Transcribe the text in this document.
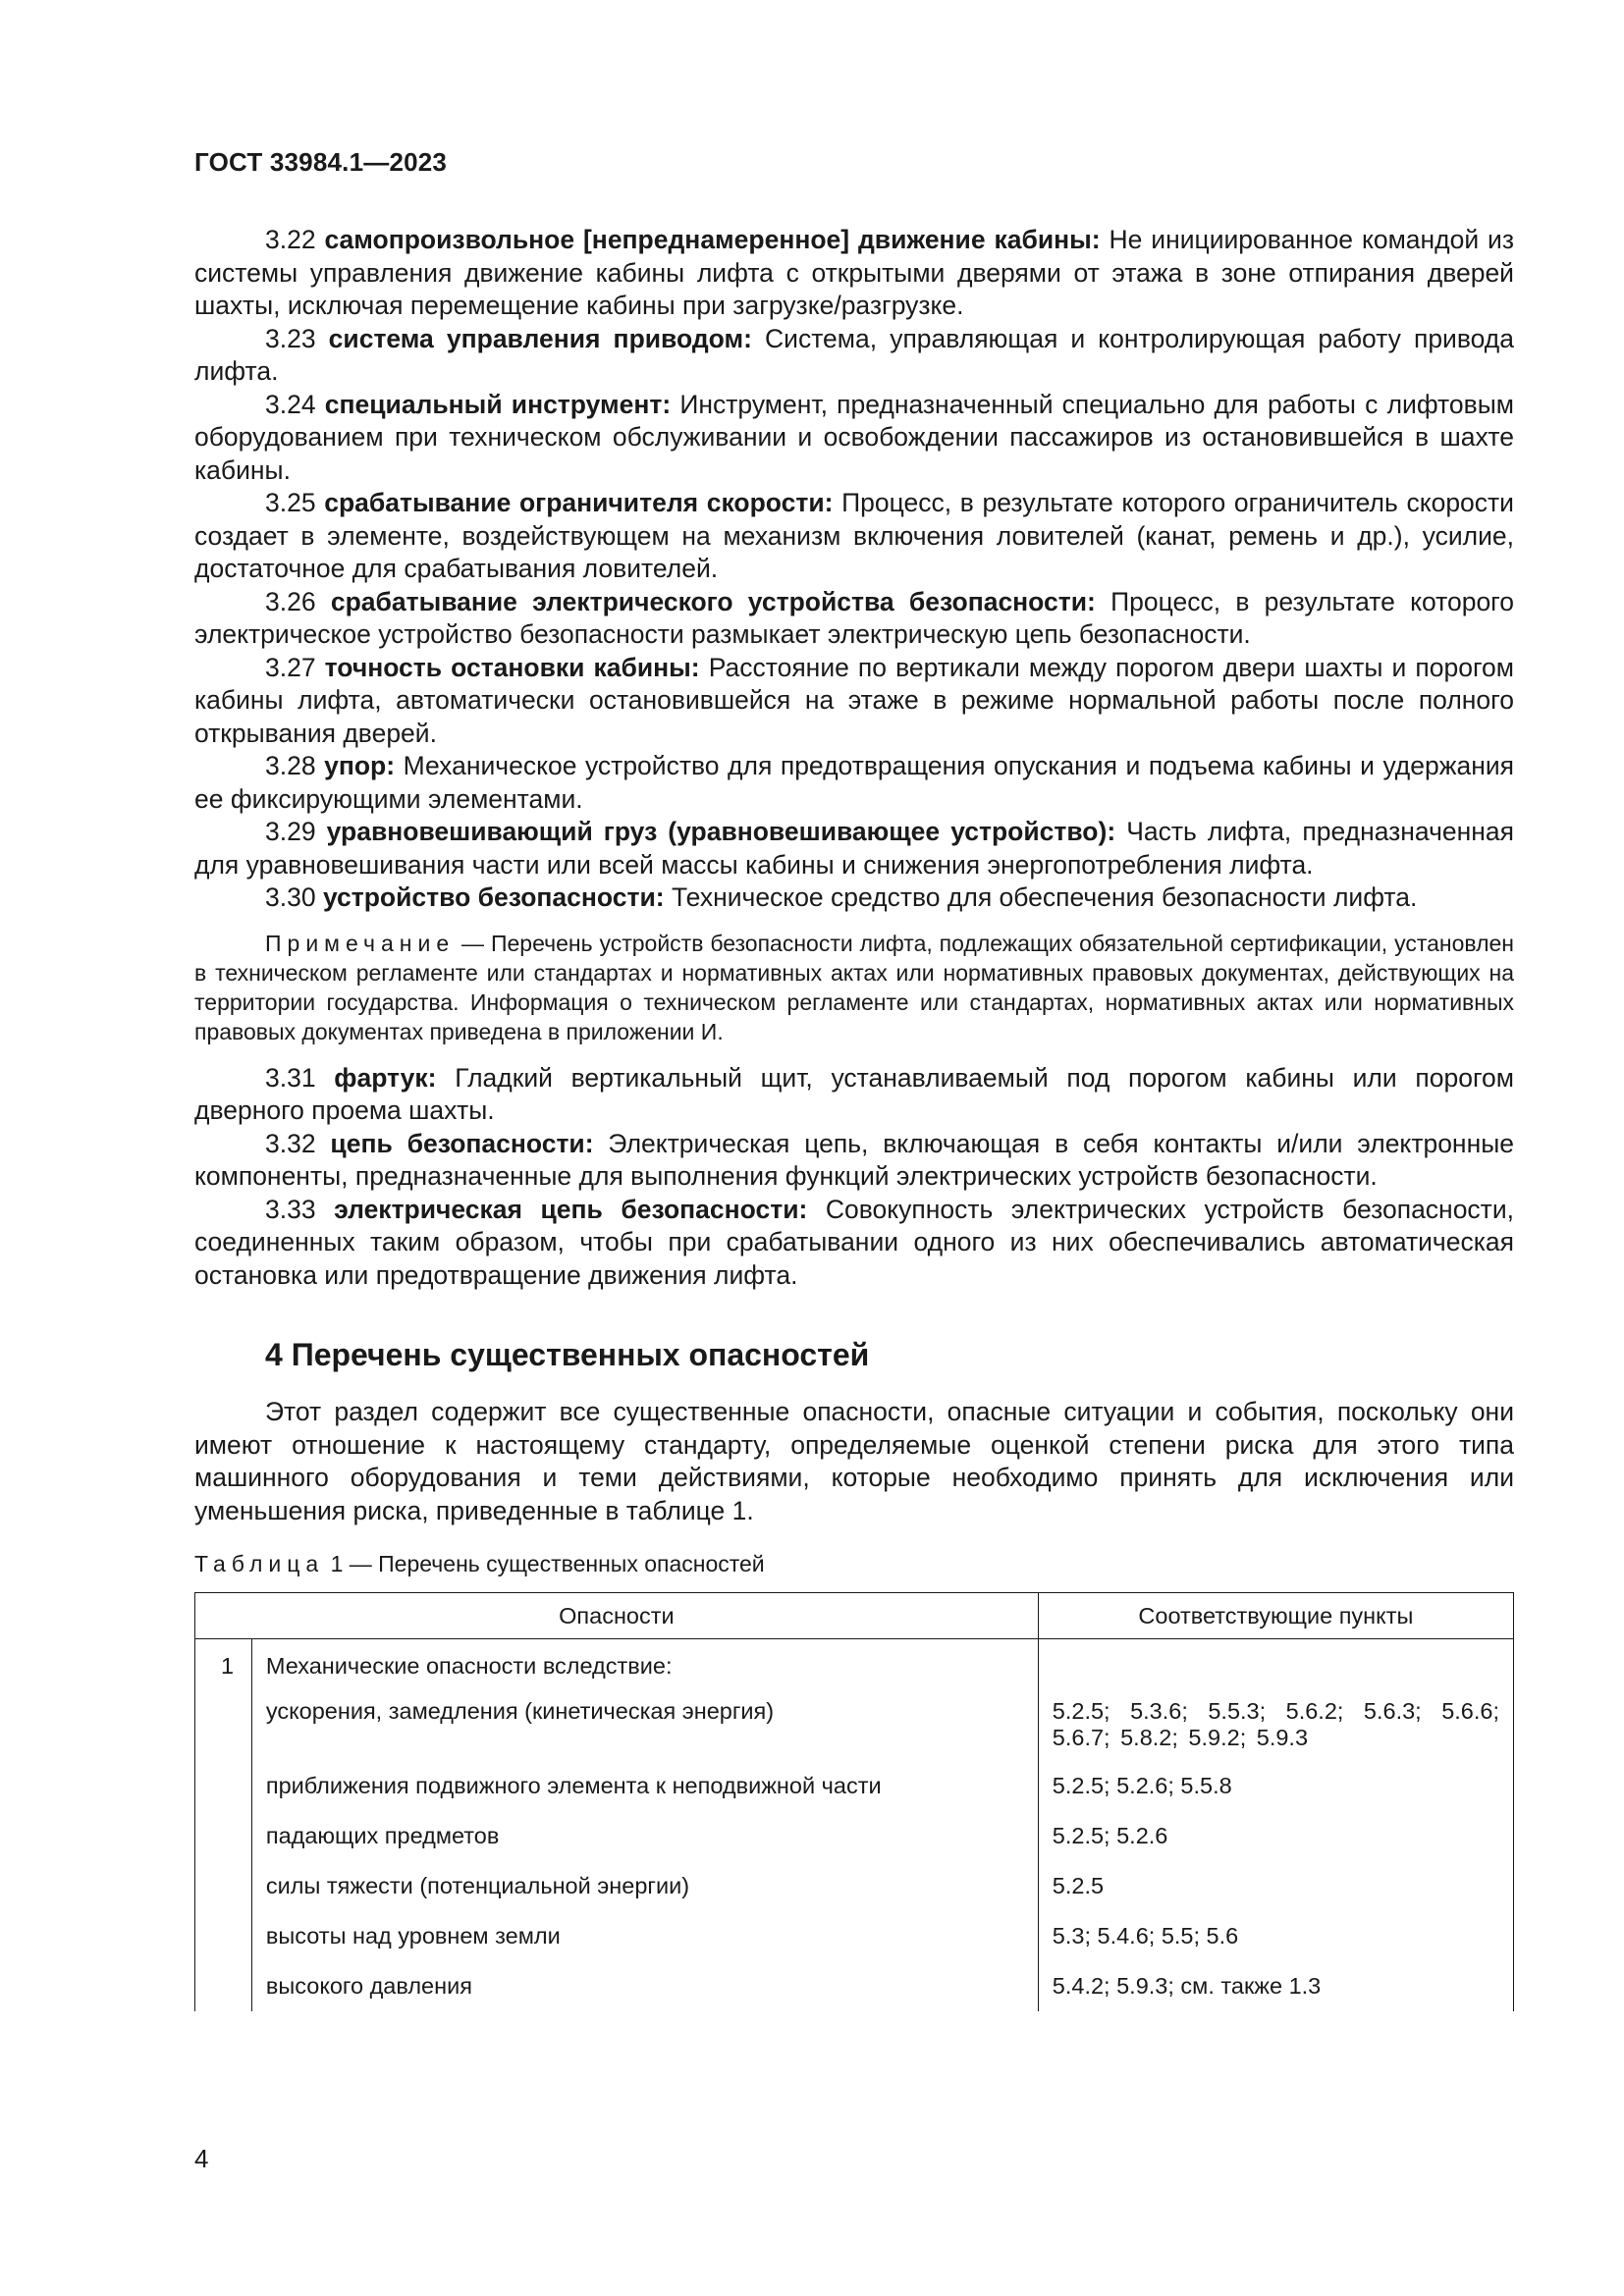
ГОСТ 33984.1—2023

3.22 самопроизвольное [непреднамеренное] движение кабины: Не инициированное командой из системы управления движение кабины лифта с открытыми дверями от этажа в зоне отпирания дверей шахты, исключая перемещение кабины при загрузке/разгрузке.

3.23 система управления приводом: Система, управляющая и контролирующая работу привода лифта.

3.24 специальный инструмент: Инструмент, предназначенный специально для работы с лифтовым оборудованием при техническом обслуживании и освобождении пассажиров из остановившейся в шахте кабины.

3.25 срабатывание ограничителя скорости: Процесс, в результате которого ограничитель скорости создает в элементе, воздействующем на механизм включения ловителей (канат, ремень и др.), усилие, достаточное для срабатывания ловителей.

3.26 срабатывание электрического устройства безопасности: Процесс, в результате которого электрическое устройство безопасности размыкает электрическую цепь безопасности.

3.27 точность остановки кабины: Расстояние по вертикали между порогом двери шахты и порогом кабины лифта, автоматически остановившейся на этаже в режиме нормальной работы после полного открывания дверей.

3.28 упор: Механическое устройство для предотвращения опускания и подъема кабины и удержания ее фиксирующими элементами.

3.29 уравновешивающий груз (уравновешивающее устройство): Часть лифта, предназначенная для уравновешивания части или всей массы кабины и снижения энергопотребления лифта.

3.30 устройство безопасности: Техническое средство для обеспечения безопасности лифта.

Примечание — Перечень устройств безопасности лифта, подлежащих обязательной сертификации, установлен в техническом регламенте или стандартах и нормативных актах или нормативных правовых документах, действующих на территории государства. Информация о техническом регламенте или стандартах, нормативных актах или нормативных правовых документах приведена в приложении И.

3.31 фартук: Гладкий вертикальный щит, устанавливаемый под порогом кабины или порогом дверного проема шахты.

3.32 цепь безопасности: Электрическая цепь, включающая в себя контакты и/или электронные компоненты, предназначенные для выполнения функций электрических устройств безопасности.

3.33 электрическая цепь безопасности: Совокупность электрических устройств безопасности, соединенных таким образом, чтобы при срабатывании одного из них обеспечивались автоматическая остановка или предотвращение движения лифта.

4 Перечень существенных опасностей

Этот раздел содержит все существенные опасности, опасные ситуации и события, поскольку они имеют отношение к настоящему стандарту, определяемые оценкой степени риска для этого типа машинного оборудования и теми действиями, которые необходимо принять для исключения или уменьшения риска, приведенные в таблице 1.

Таблица 1 — Перечень существенных опасностей
Опасности		Соответствующие пункты
1	Механические опасности вследствие:	
	ускорения, замедления (кинетическая энергия)	5.2.5; 5.3.6; 5.5.3; 5.6.2; 5.6.3; 5.6.6; 5.6.7; 5.8.2; 5.9.2; 5.9.3

	приближения подвижного элемента к неподвижной части	5.2.5; 5.2.6; 5.5.8
	падающих предметов	5.2.5; 5.2.6
	силы тяжести (потенциальной энергии)	5.2.5
	высоты над уровнем земли	5.3; 5.4.6; 5.5; 5.6
	высокого давления	5.4.2; 5.9.3; см. также 1.3
4
